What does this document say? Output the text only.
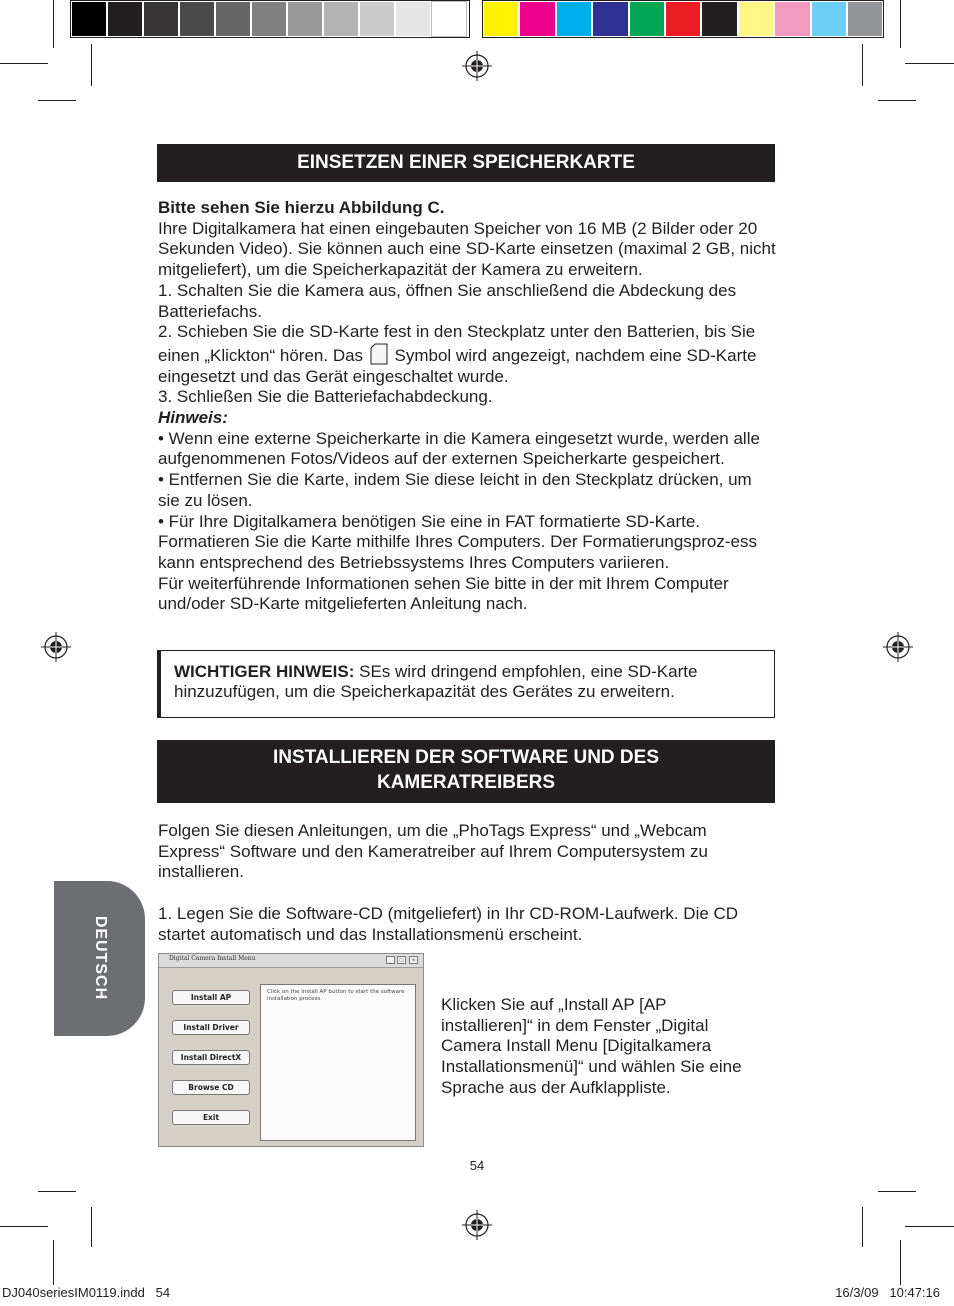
EINSETZEN EINER SPEICHERKARTE

Bitte sehen Sie hierzu Abbildung C.

Ihre Digitalkamera hat einen eingebauten Speicher von 16 MB (2 Bilder oder 20 Sekunden Video). Sie können auch eine SD-Karte einsetzen (maximal 2 GB, nicht mitgeliefert), um die Speicherkapazität der Kamera zu erweitern.

1. Schalten Sie die Kamera aus, öffnen Sie anschließend die Abdeckung des Batteriefachs.

2. Schieben Sie die SD-Karte fest in den Steckplatz unter den Batterien, bis Sie einen „Klickton“ hören. Das Symbol wird angezeigt, nachdem eine SD-Karte eingesetzt und das Gerät eingeschaltet wurde.

3. Schließen Sie die Batteriefachabdeckung.

Hinweis:

• Wenn eine externe Speicherkarte in die Kamera eingesetzt wurde, werden alle aufgenommenen Fotos/Videos auf der externen Speicherkarte gespeichert.

• Entfernen Sie die Karte, indem Sie diese leicht in den Steckplatz drücken, um sie zu lösen.

• Für Ihre Digitalkamera benötigen Sie eine in FAT formatierte SD-Karte. Formatieren Sie die Karte mithilfe Ihres Computers. Der Formatierungsproz-ess kann entsprechend des Betriebssystems Ihres Computers variieren.

Für weiterführende Informationen sehen Sie bitte in der mit Ihrem Computer und/oder SD-Karte mitgelieferten Anleitung nach.

WICHTIGER HINWEIS: SEs wird dringend empfohlen, eine SD-Karte hinzuzufügen, um die Speicherkapazität des Gerätes zu erweitern.
INSTALLIEREN DER SOFTWARE UND DES
KAMERATREIBERS

Folgen Sie diesen Anleitungen, um die „PhoTags Express“ und „Webcam Express“ Software und den Kameratreiber auf Ihrem Computersystem zu installieren.

1. Legen Sie die Software-CD (mitgeliefert) in Ihr CD-ROM-Laufwerk. Die CD startet automatisch und das Installationsmenü erscheint.

DEUTSCH	Digital Camera Install Menu	_	□	×
Install AP
Install Driver
Install DirectX
Browse CD
Exit
Click on the Install AP button to start the software installation process.	Klicken Sie auf „Install AP [AP installieren]“ in dem Fenster „Digital Camera Install Menu [Digitalkamera Installationsmenü]“ und wählen Sie eine Sprache aus der Aufklappliste.
54
DJ040seriesIM0119.indd   54	16/3/09   10:47:16
